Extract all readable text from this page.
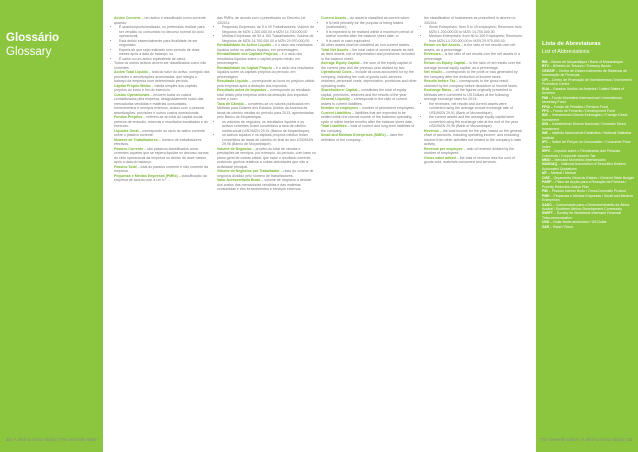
Glossário
Glossary

Activo Corrente – um activo é classificado como corrente quando:

• É quantos/ponto/realizado, ou pretendido realizar para ser vendido ou consumido no decurso normal do ciclo operacional;
• Está detido essencialmente para finalidade de ser negociado;
• Espera-se que seja realizado num período de doze meses após a data do balanço; ou
• É caixa ou um activo equivalente de caixa.

Todos os outros activos devem ser classificados como não correntes.

Activo Total Líquido – total do valor do activo, corrigido das provisões e amortizações acumuladas, que integra o balanço da empresa num determinado período.

Capital Próprio Médio – média simples dos capitais próprios do início e fim do exercício.

Custos Operacionais – incluem todos os custos contabilizados pela empresa, designadamente custo das mercadorias vendidas e matérias consumidas, fornecimentos e serviços externos, custos com o pessoal, amortizações, provisões e outros custos operacionais.

Fundos Próprios – referem-se ao total do capital social, prémios de emissão, reservas e resultados transitados e do exercício.

Liquidez Geral – corresponde ao rácio do activo corrente sobre o passivo corrente.

Número de Trabalhadores – número de trabalhadores efectivos.

Passivo Corrente – são passivos classificados como correntes aqueles que se espera liquidar no decurso normal do ciclo operacional da empresa ou dentro de doze meses após a data do balanço.

Passivo Total – total do passivo corrente e não corrente da empresa.

Pequenas e Médias Empresas (PMEs) – classificação da empresa de acordo com a Lei n.º ...

das PMEs, de acordo com o preceituado no Decreto-Lei 43/2011:

• Pequenas Empresas: de 5 a 49 Trabalhadores; Volume de Negócios de MZN 1.200.000,00 a MZN 14.700.000,00
• Médias Empresas: de 50 a 100 Trabalhadores; Volume de Negócios de MZN 14.700.000,00 a MZN 29.970.000,00.

Rentabilidade do Activo Líquido – é o rácio dos resultados líquidos sobre os activos líquidos, em percentagem.

Rentabilidade dos Capitais Próprios – é o rácio dos resultados líquidos sobre o capital próprio médio, em percentagem.

Rentabilidade do Capital Próprio – é o rácio dos resultados líquidos sobre os capitais próprios do período, em percentagem.

Resultado Líquido – corresponde ao lucro ou prejuízo obtido pela empresa após a dedução dos impostos.

Resultado antes de Impostos – corresponde ao resultado total obtido pela empresa antes da dedução dos impostos sobre o lucro.

Taxa de Câmbio – converteu-se os valores publicados em Meticais para Dólares dos Estados Unidos da América às taxas de câmbio médias do período para 2013, apresentadas pelo Banco de Moçambique.

• os volumes de negócios, os resultados líquidos e os activos correntes foram convertidos à taxa de câmbio média anual (USD/MZN 29,91 (Banco de Moçambique);
• os activos líquidos e os capitais próprios médios foram convertidos às taxas de câmbio do final do ano USD/MZN 29,96 (Banco de Moçambique).

Volume de Negócios – provém do total de vendas e prestações de serviços, por exemplo, do período, com base no plano geral de contas oficial, que inclui o resultado corrente, excluindo ganhos relativos a outras actividades que não a actividade principal.

Volume de Negócios por Trabalhador – rácio do volume de negócios dividido pelo número de trabalhadores.

Valor Acrescentado Bruto – volume de negócios a deduzir dos custos das mercadorias vendidas e das matérias consumidas e dos fornecimentos e serviços externos.

Current Assets – an asset is classified as current when:

• It is held primarily for the purpose of being traded (marketable);
• It is expected to be realised within a maximum period of twelve months after the balance sheet date; or
• It is cash or cash equivalent.

All other assets shall be classified as non-current assets.

Total Net Assets – the total value of current assets as well as fixed assets, net of depreciation and provisions, included in the balance sheet.

Average Equity Capital – the sum of the equity capital of the current year and the previous year divided by two.

Operational Costs – include all costs accounted for by the company, including the cost of goods sold, services obtained, personnel costs, depreciation, provisions and other operating costs.

Shareholders' Capital – constitutes the total of equity capital, premiums, reserves and the results of the year.

General Liquidity – corresponds to the ratio of current assets to current liabilities.

Number of employees – number of permanent employees.

Current Liabilities – liabilities that are expected to be settled within the normal course of the business operating cycle or within twelve months after the balance sheet date.

Total Liabilities – total of current and long-term liabilities of the company.

Small and Medium Enterprises (SMEs) – uses the definition of the company...

the classification of businesses as prescribed in decree no 43/2011:

• Small Enterprises: from 5 to 49 employees; Revenues from MZN 1.200.000,00 to MZN 14.700.000,00
• Medium Enterprises: from 50 to 100 Employees; Revenues from MZN 14.700.000,00 to MZN 29.970.000,00.

Return on Net Assets – is the ratio of net results over net assets, as a percentage.

Revenues – is the ratio of net results over the net assets in a percentage.

Return on Equity Capital – is the ratio of net results over the average annual equity capital, as a percentage.

Net results – corresponds to the profit or loss generated by the company after the deduction of income taxes.

Results before Tax – corresponds to the gross result obtained by the company before deduction of income taxes.

Exchange Rates – all the figures originally presented in Meticais were converted to US Dollars at the following average exchange rates for 2013:

• the revenues, net results and current assets were converted using the average annual exchange rate of USD/MZN 29,91 (Bank of Mozambique);
• the current assets and the average equity capital were converted using the exchange rate at the end of the year USD/MZN 29,96 (Bank of Mozambique).

Revenue – the total income for the year, based on the general chart of accounts, including operating income, and excluding income from other activities not related to the company's main activity.

Revenue per employee – ratio of revenue divided by the number of employees.

Gross value added – the total of revenue less the cost of goods sold, materials consumed and services.

Lista de Abreviaturas
List of Abbreviations
BM – Banco de Moçambique / Bank of Mozambique
BTV – Bilhetes do Tesouro / Treasury Bonds
CEDSIF – Centro de Desenvolvimento de Sistemas de Informação de Finanças
CPI – Centro de Promoção de Investimentos / Investment Promotion Centre
EUA – Estados Unidos da América / United States of America
FMI – Fundo Monetário Internacional / International Monetary Fund
FPIA – Fundo de Pensões / Pension Fund
FPC – Fundo de Fomento / Development Fund
IDE – Investimento Directo Estrangeiro / Foreign Direct Investment
IDN – Investimento Directo Nacional / Domestic Direct Investment
INE – Instituto Nacional de Estatística / National Statistics Institute
IPC – Índice de Preços no Consumidor / Consumer Price Index
IRPC – Imposto sobre o Rendimento das Pessoas Colectivas / Corporate Income Tax
MMO – Mercado Monetário Interbancário
NASDAQ – National Association of Securities Dealers Automated Quotations
MT – Metical / Metical
OGE – Orçamento Geral do Estado / General State Budget
PARP – Plano de Acção para a Redução da Pobreza / Poverty Reduction Action Plan
PIB – Produto Interno Bruto / Gross Domestic Product
PME – Pequenas e Médias Empresas / Small and Medium Enterprises
SADC – Comunidade para o Desenvolvimento da África Austral / Southern African Development Community
SWIFT – Society for Worldwide Interbank Financial Telecommunication
USD – Dólar Norte-americano / US Dollar
ZAR – Rand / Rand
12 | A décima sexta edição | The sixteenth edition	The sixteenth edition | A décima sexta edição | 13
